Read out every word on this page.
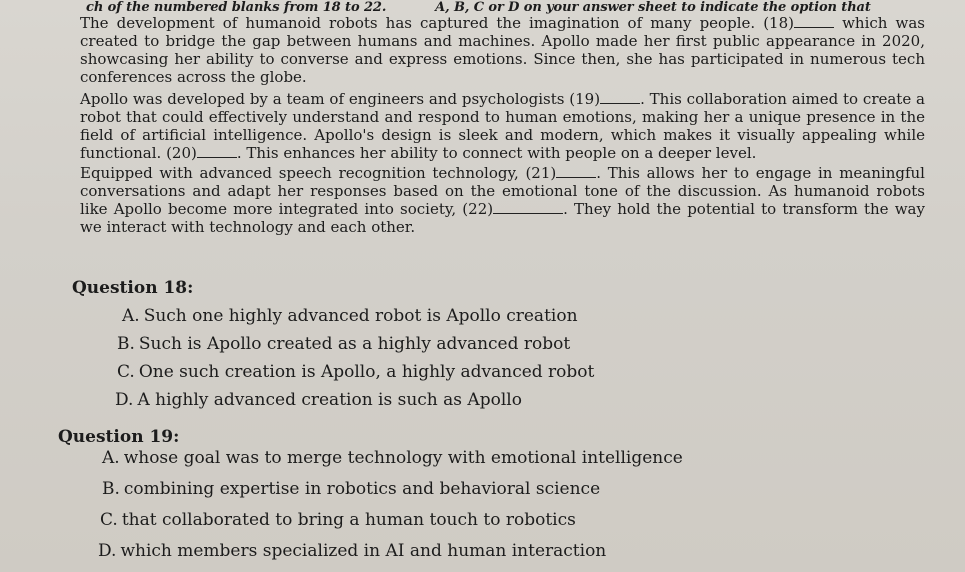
ch of the numbered blanks from 18 to 22.	A, B, C or D on your answer sheet to indicate the option that

The development of humanoid robots has captured the imagination of many people. (18)	which was created to bridge the gap between humans and machines. Apollo made her first public appearance in 2020, showcasing her ability to converse and express emotions. Since then, she has participated in numerous tech conferences across the globe.

Apollo was developed by a team of engineers and psychologists (19)	. This collaboration aimed to create a robot that could effectively understand and respond to human emotions, making her a unique presence in the field of artificial intelligence. Apollo's design is sleek and modern, which makes it visually appealing while functional. (20)	. This enhances her ability to connect with people on a deeper level.

Equipped with advanced speech recognition technology, (21)	. This allows her to engage in meaningful conversations and adapt her responses based on the emotional tone of the discussion. As humanoid robots like Apollo become more integrated into society, (22)	. They hold the potential to transform the way we interact with technology and each other.

Question 18:
A. Such one highly advanced robot is Apollo creation
B. Such is Apollo created as a highly advanced robot
C. One such creation is Apollo, a highly advanced robot
D. A highly advanced creation is such as Apollo
Question 19:
A. whose goal was to merge technology with emotional intelligence
B. combining expertise in robotics and behavioral science
C. that collaborated to bring a human touch to robotics
D. which members specialized in AI and human interaction
